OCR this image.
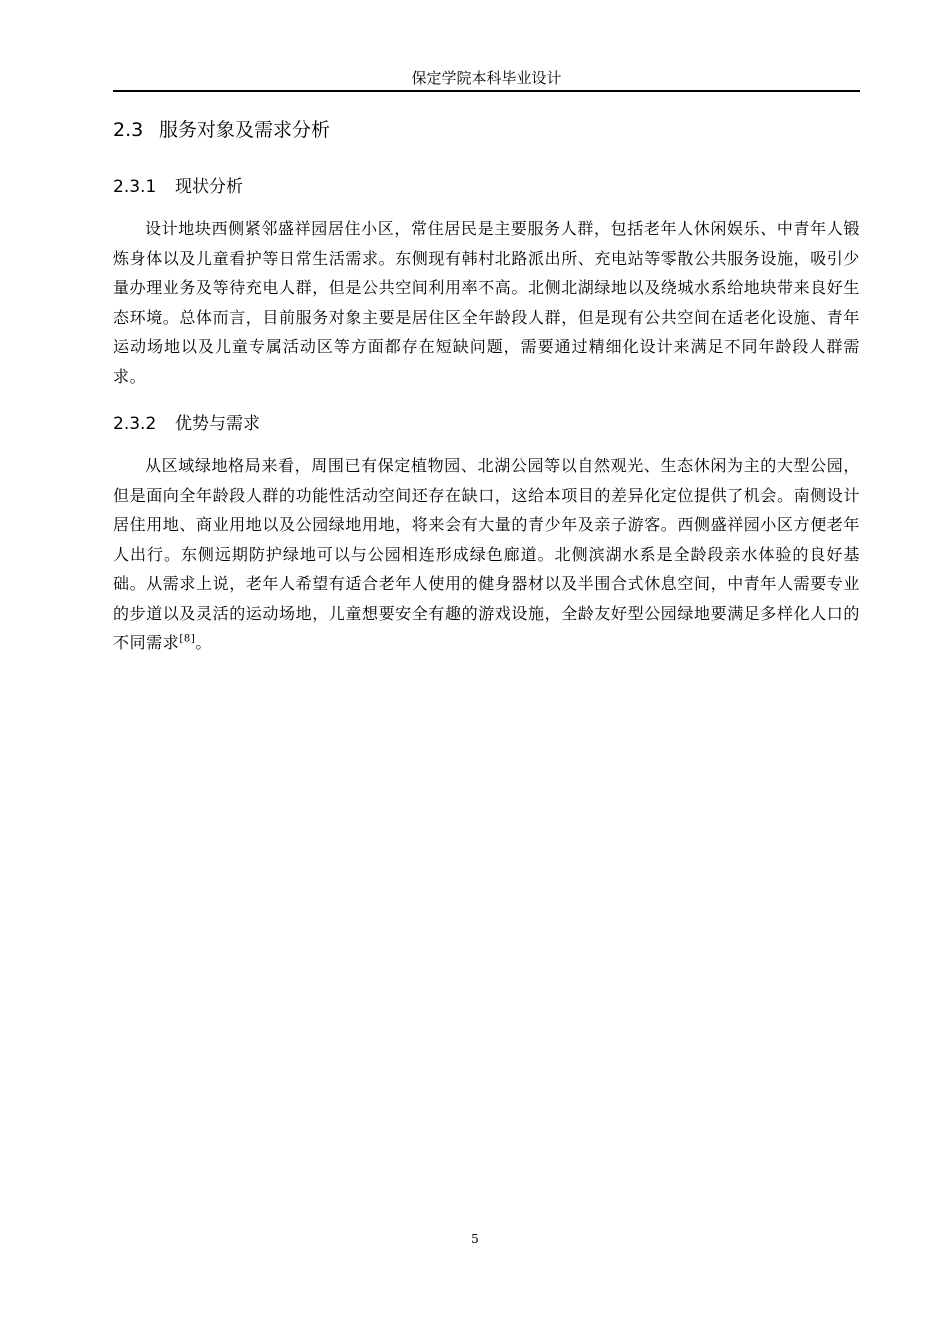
保定学院本科毕业设计
2.3 服务对象及需求分析
2.3.1 现状分析

设计地块西侧紧邻盛祥园居住小区，常住居民是主要服务人群，包括老年人休闲娱乐、中青年人锻炼身体以及儿童看护等日常生活需求。东侧现有韩村北路派出所、充电站等零散公共服务设施，吸引少量办理业务及等待充电人群，但是公共空间利用率不高。北侧北湖绿地以及绕城水系给地块带来良好生态环境。总体而言，目前服务对象主要是居住区全年龄段人群，但是现有公共空间在适老化设施、青年运动场地以及儿童专属活动区等方面都存在短缺问题，需要通过精细化设计来满足不同年龄段人群需求。

2.3.2 优势与需求

从区域绿地格局来看，周围已有保定植物园、北湖公园等以自然观光、生态休闲为主的大型公园，但是面向全年龄段人群的功能性活动空间还存在缺口，这给本项目的差异化定位提供了机会。南侧设计居住用地、商业用地以及公园绿地用地，将来会有大量的青少年及亲子游客。西侧盛祥园小区方便老年人出行。东侧远期防护绿地可以与公园相连形成绿色廊道。北侧滨湖水系是全龄段亲水体验的良好基础。从需求上说，老年人希望有适合老年人使用的健身器材以及半围合式休息空间，中青年人需要专业的步道以及灵活的运动场地，儿童想要安全有趣的游戏设施，全龄友好型公园绿地要满足多样化人口的不同需求[8]。

5
